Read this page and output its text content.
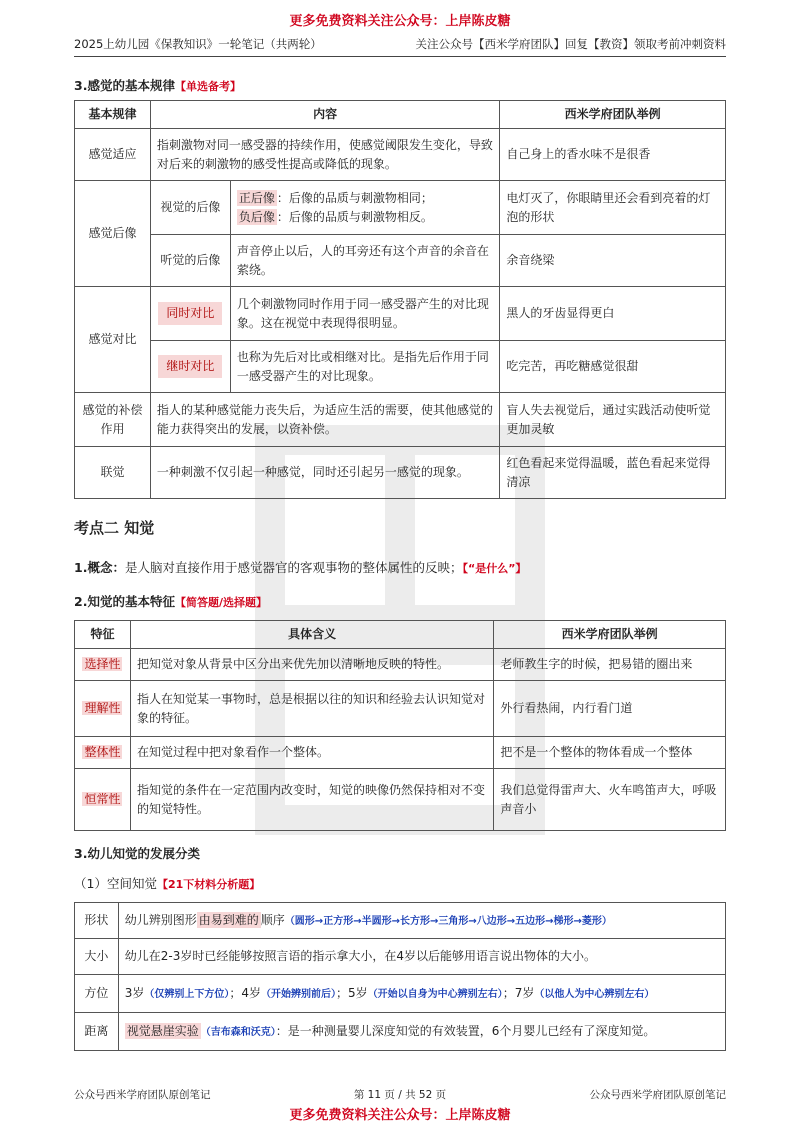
更多免费资料关注公众号：上岸陈皮糖
2025上幼儿园《保教知识》一轮笔记（共两轮）	关注公众号【西米学府团队】回复【教资】领取考前冲刺资料
3.感觉的基本规律【单选备考】
基本规律	内容		西米学府团队举例
感觉适应	指刺激物对同一感受器的持续作用，使感觉阈限发生变化，导致对后来的刺激物的感受性提高或降低的现象。		自己身上的香水味不是很香
感觉后像	视觉的后像	正后像 ：后像的品质与刺激物相同；
负后像 ：后像的品质与刺激物相反。	电灯灭了，你眼睛里还会看到亮着的灯泡的形状
	听觉的后像	声音停止以后，人的耳旁还有这个声音的余音在萦绕。	余音绕梁
感觉对比	同时对比	几个刺激物同时作用于同一感受器产生的对比现象。这在视觉中表现得很明显。	黑人的牙齿显得更白
	继时对比	也称为先后对比或相继对比。是指先后作用于同一感受器产生的对比现象。	吃完苦，再吃糖感觉很甜
感觉的补偿作用	指人的某种感觉能力丧失后，为适应生活的需要，使其他感觉的能力获得突出的发展，以资补偿。		盲人失去视觉后，通过实践活动使听觉更加灵敏
联觉	一种刺激不仅引起一种感觉，同时还引起另一感觉的现象。		红色看起来觉得温暖，蓝色看起来觉得清凉
考点二 知觉
1.概念：是人脑对直接作用于感觉器官的客观事物的整体属性的反映；【“是什么”】
2.知觉的基本特征【简答题/选择题】
特征	具体含义	西米学府团队举例
选择性	把知觉对象从背景中区分出来优先加以清晰地反映的特性。	老师教生字的时候，把易错的圈出来
理解性	指人在知觉某一事物时，总是根据以往的知识和经验去认识知觉对象的特征。	外行看热闹，内行看门道
整体性	在知觉过程中把对象看作一个整体。	把不是一个整体的物体看成一个整体
恒常性	指知觉的条件在一定范围内改变时，知觉的映像仍然保持相对不变的知觉特性。	我们总觉得雷声大、火车鸣笛声大，呼吸声音小
3.幼儿知觉的发展分类
（1）空间知觉【21下材料分析题】
形状	幼儿辨别图形 由易到难的 顺序（圆形→正方形→半圆形→长方形→三角形→八边形→五边形→梯形→菱形）
大小	幼儿在2-3岁时已经能够按照言语的指示拿大小，在4岁以后能够用语言说出物体的大小。
方位	3岁（仅辨别上下方位）；4岁（开始辨别前后）；5岁（开始以自身为中心辨别左右）；7岁（以他人为中心辨别左右）
距离	视觉悬崖实验 （吉布森和沃克）：是一种测量婴儿深度知觉的有效装置，6个月婴儿已经有了深度知觉。
公众号西米学府团队原创笔记	第 11 页 / 共 52 页	公众号西米学府团队原创笔记
更多免费资料关注公众号：上岸陈皮糖
